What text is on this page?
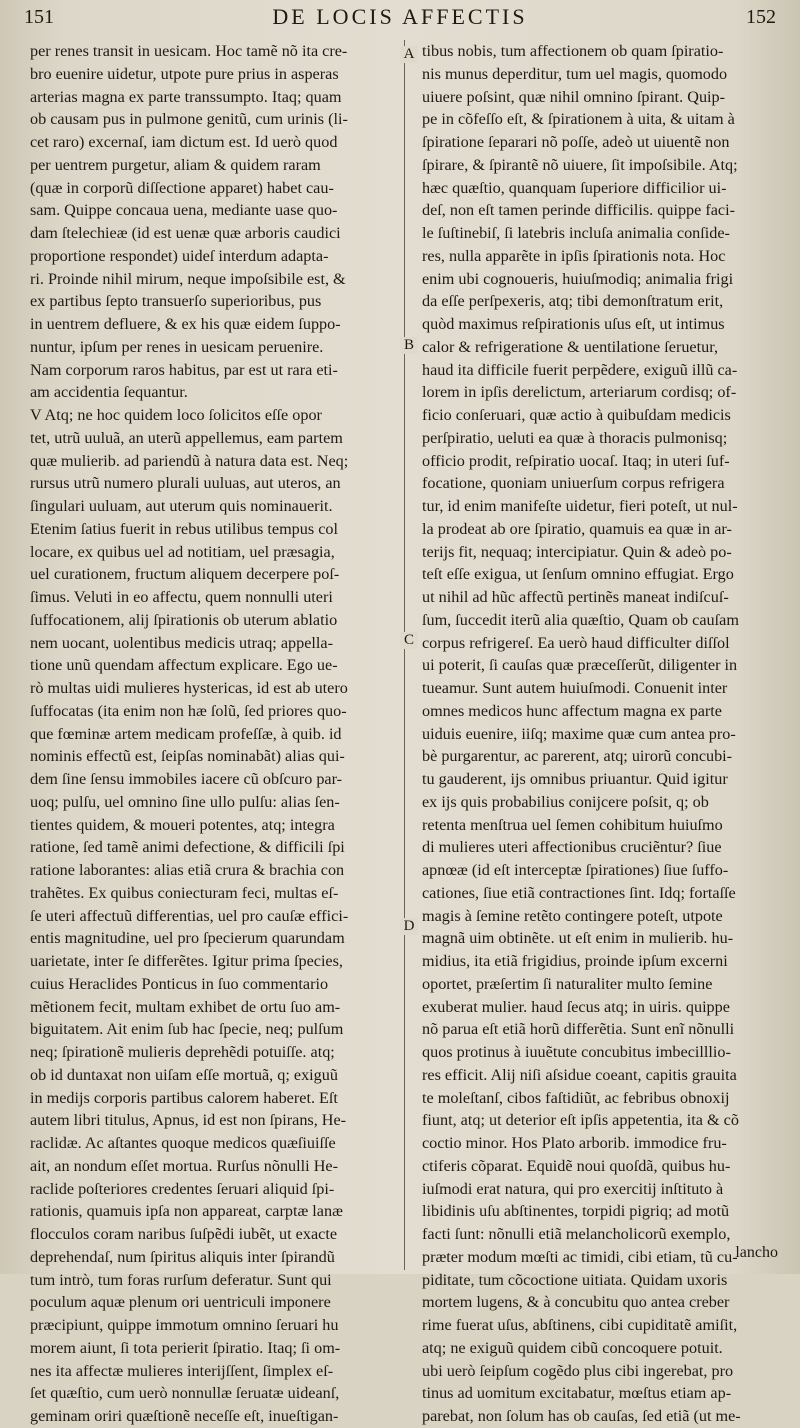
151	DE LOCIS AFFECTIS	152
per renes transit in uesicam. Hoc tamẽ nõ ita cre-
bro euenire uidetur, utpote pure prius in asperas
arterias magna ex parte transsumpto. Itaq; quam
ob causam pus in pulmone genitũ, cum urinis (li-
cet raro) excernaſ, iam dictum est. Id uerò quod
per uentrem purgetur, aliam & quidem raram
(quæ in corporũ diſſectione apparet) habet cau-
sam. Quippe concaua uena, mediante uase quo-
dam ſtelechieæ (id est uenæ quæ arboris caudici
proportione respondet) uideſ interdum adapta-
ri. Proinde nihil mirum, neque impoſsibile est, &
ex partibus ſepto transuerſo superioribus, pus
in uentrem defluere, & ex his quæ eidem ſuppo-
nuntur, ipſum per renes in uesicam peruenire.
Nam corporum raros habitus, par est ut rara eti-
am accidentia ſequantur.
V Atq; ne hoc quidem loco ſolicitos eſſe opor
tet, utrũ uuluã, an uterũ appellemus, eam partem
quæ mulierib. ad pariendũ à natura data est. Neq;
rursus utrũ numero plurali uuluas, aut uteros, an
ſingulari uuluam, aut uterum quis nominauerit.
Etenim ſatius fuerit in rebus utilibus tempus col
locare, ex quibus uel ad notitiam, uel præsagia,
uel curationem, fructum aliquem decerpere poſ-
ſimus. Veluti in eo affectu, quem nonnulli uteri
ſuffocationem, alij ſpirationis ob uterum ablatio
nem uocant, uolentibus medicis utraq; appella-
tione unũ quendam affectum explicare. Ego ue-
rò multas uidi mulieres hystericas, id est ab utero
ſuffocatas (ita enim non hæ ſolũ, ſed priores quo-
que fœminæ artem medicam profeſſæ, à quib. id
nominis effectũ est, ſeipſas nominabãt) alias qui-
dem ſine ſensu immobiles iacere cũ obſcuro par-
uoq; pulſu, uel omnino ſine ullo pulſu: alias ſen-
tientes quidem, & moueri potentes, atq; integra
ratione, ſed tamẽ animi defectione, & difficili ſpi
ratione laborantes: alias etiã crura & brachia con
trahẽtes. Ex quibus coniecturam feci, multas eſ-
ſe uteri affectuũ differentias, uel pro cauſæ effici-
entis magnitudine, uel pro ſpecierum quarundam
uarietate, inter ſe differẽtes. Igitur prima ſpecies,
cuius Heraclides Ponticus in ſuo commentario
mẽtionem fecit, multam exhibet de ortu ſuo am-
biguitatem. Ait enim ſub hac ſpecie, neq; pulſum
neq; ſpirationẽ mulieris deprehẽdi potuiſſe. atq;
ob id duntaxat non uiſam eſſe mortuã, q; exiguũ
in medijs corporis partibus calorem haberet. Eſt
autem libri titulus, Apnus, id est non ſpirans, He-
raclidæ. Ac aſtantes quoque medicos quæſiuiſſe
ait, an nondum eſſet mortua. Rurſus nõnulli He-
raclide poſteriores credentes ſeruari aliquid ſpi-
rationis, quamuis ipſa non appareat, carptæ lanæ
flocculos coram naribus ſuſpẽdi iubẽt, ut exacte
deprehendaſ, num ſpiritus aliquis inter ſpirandũ
tum intrò, tum foras rurſum deferatur. Sunt qui
poculum aquæ plenum ori uentriculi imponere
præcipiunt, quippe immotum omnino ſeruari hu
morem aiunt, ſi tota perierit ſpiratio. Itaq; ſi om-
nes ita affectæ mulieres interijſſent, ſimplex eſ-
ſet quæſtio, cum uerò nonnullæ ſeruatæ uideanſ,
geminam oriri quæſtionẽ neceſſe eſt, inueſtigan-
tibus nobis, tum affectionem ob quam ſpiratio-
nis munus deperditur, tum uel magis, quomodo
uiuere poſsint, quæ nihil omnino ſpirant. Quip-
pe in cõfeſſo eſt, & ſpirationem à uita, & uitam à
ſpiratione ſeparari nõ poſſe, adeò ut uiuentẽ non
ſpirare, & ſpirantẽ nõ uiuere, ſit impoſsibile. Atq;
hæc quæſtio, quanquam ſuperiore difficilior ui-
deſ, non eſt tamen perinde difficilis. quippe faci-
le ſuſtinebiſ, ſi latebris incluſa animalia conſide-
res, nulla apparẽte in ipſis ſpirationis nota. Hoc
enim ubi cognoueris, huiuſmodiq; animalia frigi
da eſſe perſpexeris, atq; tibi demonſtratum erit,
quòd maximus reſpirationis uſus eſt, ut intimus
calor & refrigeratione & uentilatione ſeruetur,
haud ita difficile fuerit perpẽdere, exiguũ illũ ca-
lorem in ipſis derelictum, arteriarum cordisq; of-
ficio conſeruari, quæ actio à quibuſdam medicis
perſpiratio, ueluti ea quæ à thoracis pulmonisq;
officio prodit, reſpiratio uocaſ. Itaq; in uteri ſuf-
focatione, quoniam uniuerſum corpus refrigera
tur, id enim manifeſte uidetur, fieri poteſt, ut nul-
la prodeat ab ore ſpiratio, quamuis ea quæ in ar-
terijs fit, nequaq; intercipiatur. Quin & adeò po-
teſt eſſe exigua, ut ſenſum omnino effugiat. Ergo
ut nihil ad hũc affectũ pertinẽs maneat indiſcuſ-
ſum, ſuccedit iterũ alia quæſtio, Quam ob cauſam
corpus refrigereſ. Ea uerò haud difficulter diſſol
ui poterit, ſi cauſas quæ præceſſerũt, diligenter in
tueamur. Sunt autem huiuſmodi. Conuenit inter
omnes medicos hunc affectum magna ex parte
uiduis euenire, iiſq; maxime quæ cum antea pro-
bè purgarentur, ac parerent, atq; uirorũ concubi-
tu gauderent, ijs omnibus priuantur. Quid igitur
ex ijs quis probabilius conijcere poſsit, q; ob
retenta menſtrua uel ſemen cohibitum huiuſmo
di mulieres uteri affectionibus cruciẽntur? ſiue
apnœæ (id eſt interceptæ ſpirationes) ſiue ſuffo-
cationes, ſiue etiã contractiones ſint. Idq; fortaſſe
magis à ſemine retẽto contingere poteſt, utpote
magnã uim obtinẽte. ut eſt enim in mulierib. hu-
midius, ita etiã frigidius, proinde ipſum excerni
oportet, præſertim ſi naturaliter multo ſemine
exuberat mulier. haud ſecus atq; in uiris. quippe
nõ parua eſt etiã horũ differẽtia. Sunt enĩ nõnulli
quos protinus à iuuẽtute concubitus imbecilllio-
res efficit. Alij niſi aſsidue coeant, capitis grauita
te moleſtanſ, cibos faſtidiũt, ac febribus obnoxij
fiunt, atq; ut deterior eſt ipſis appetentia, ita & cõ
coctio minor. Hos Plato arborib. immodice fru-
ctiferis cõparat. Equidẽ noui quoſdã, quibus hu-
iuſmodi erat natura, qui pro exercitij inſtituto à
libidinis uſu abſtinentes, torpidi pigriq; ad motũ
facti ſunt: nõnulli etiã melancholicorũ exemplo,
præter modum mœſti ac timidi, cibi etiam, tũ cu-
piditate, tum cõcoctione uitiata. Quidam uxoris
mortem lugens, & à concubitu quo antea creber
rime fuerat uſus, abſtinens, cibi cupiditatẽ amiſit,
atq; ne exiguũ quidem cibũ concoquere potuit.
ubi uerò ſeipſum cogẽdo plus cibi ingerebat, pro
tinus ad uomitum excitabatur, mœſtus etiam ap-
parebat, non ſolum has ob cauſas, ſed etiã (ut me-
A
B
C
D
lancho
